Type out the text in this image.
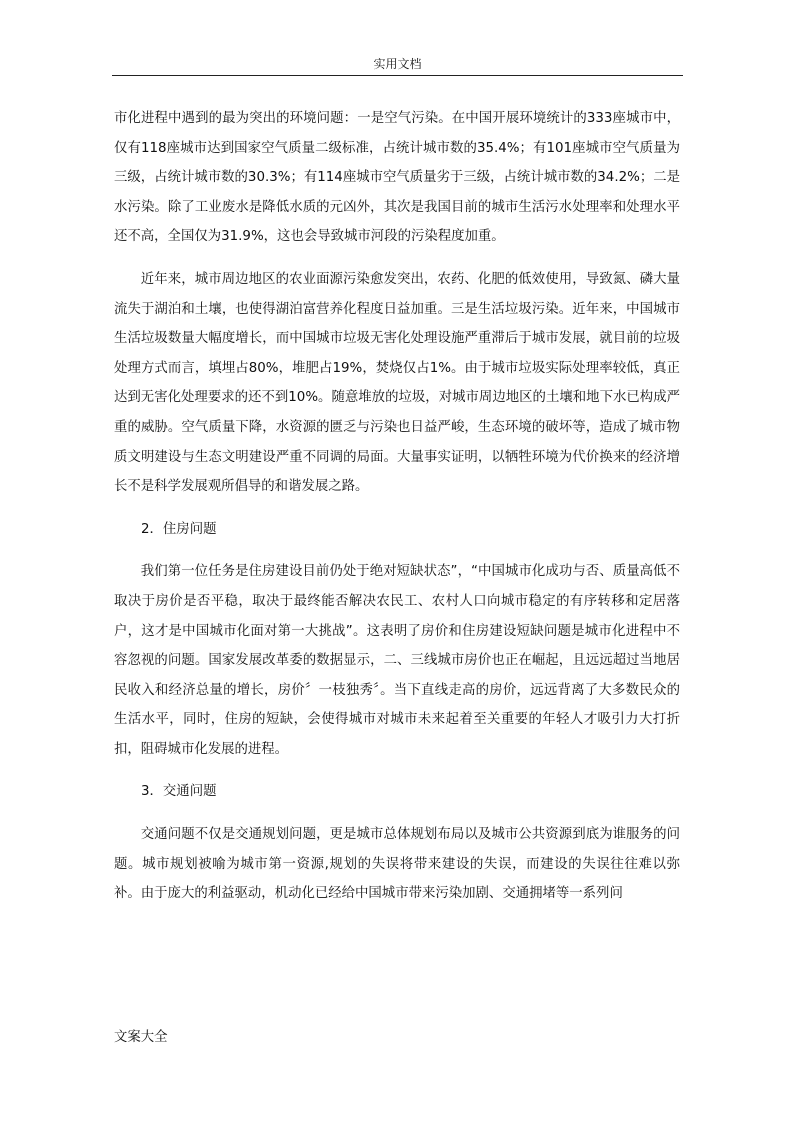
实用文档

市化进程中遇到的最为突出的环境问题：一是空气污染。在中国开展环境统计的333座城市中，仅有118座城市达到国家空气质量二级标准，占统计城市数的35.4%；有101座城市空气质量为三级，占统计城市数的30.3%；有114座城市空气质量劣于三级，占统计城市数的34.2%；二是水污染。除了工业废水是降低水质的元凶外，其次是我国目前的城市生活污水处理率和处理水平还不高，全国仅为31.9%，这也会导致城市河段的污染程度加重。

近年来，城市周边地区的农业面源污染愈发突出，农药、化肥的低效使用，导致氮、磷大量流失于湖泊和土壤，也使得湖泊富营养化程度日益加重。三是生活垃圾污染。近年来，中国城市生活垃圾数量大幅度增长，而中国城市垃圾无害化处理设施严重滞后于城市发展，就目前的垃圾处理方式而言，填埋占80%，堆肥占19%，焚烧仅占1%。由于城市垃圾实际处理率较低，真正达到无害化处理要求的还不到10%。随意堆放的垃圾，对城市周边地区的土壤和地下水已构成严重的威胁。空气质量下降，水资源的匮乏与污染也日益严峻，生态环境的破坏等，造成了城市物质文明建设与生态文明建设严重不同调的局面。大量事实证明，以牺牲环境为代价换来的经济增长不是科学发展观所倡导的和谐发展之路。

2．住房问题

我们第一位任务是住房建设目前仍处于绝对短缺状态”，“中国城市化成功与否、质量高低不取决于房价是否平稳，取决于最终能否解决农民工、农村人口向城市稳定的有序转移和定居落户，这才是中国城市化面对第一大挑战”。这表明了房价和住房建设短缺问题是城市化进程中不容忽视的问题。国家发展改革委的数据显示，二、三线城市房价也正在崛起，且远远超过当地居民收入和经济总量的增长，房价〞一枝独秀〞。当下直线走高的房价，远远背离了大多数民众的生活水平，同时，住房的短缺，会使得城市对城市未来起着至关重要的年轻人才吸引力大打折扣，阻碍城市化发展的进程。

3．交通问题

交通问题不仅是交通规划问题，更是城市总体规划布局以及城市公共资源到底为谁服务的问题。城市规划被喻为城市第一资源,规划的失误将带来建设的失误，而建设的失误往往难以弥补。由于庞大的利益驱动，机动化已经给中国城市带来污染加剧、交通拥堵等一系列问

文案大全
